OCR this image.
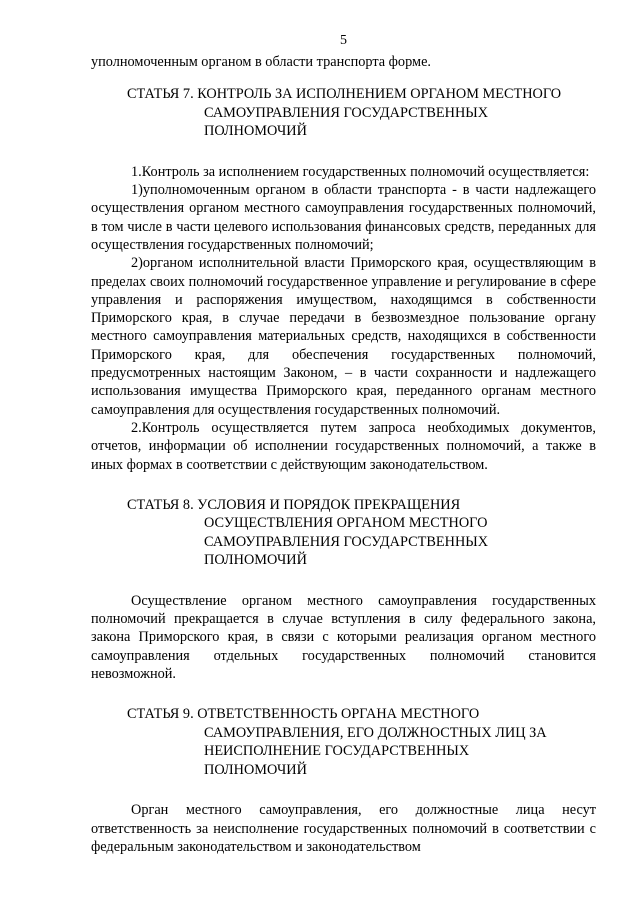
5

уполномоченным органом в области транспорта форме.

СТАТЬЯ 7. КОНТРОЛЬ ЗА ИСПОЛНЕНИЕМ ОРГАНОМ МЕСТНОГО
САМОУПРАВЛЕНИЯ ГОСУДАРСТВЕННЫХ
ПОЛНОМОЧИЙ

1.Контроль за исполнением государственных полномочий осуществляется:

1)уполномоченным органом в области транспорта - в части надлежащего осуществления органом местного самоуправления государственных полномочий, в том числе в части целевого использования финансовых средств, переданных для осуществления государственных полномочий;

2)органом исполнительной власти Приморского края, осуществляющим в пределах своих полномочий государственное управление и регулирование в сфере управления и распоряжения имуществом, находящимся в собственности Приморского края, в случае передачи в безвозмездное пользование органу местного самоуправления материальных средств, находящихся в собственности Приморского края, для обеспечения государственных полномочий, предусмотренных настоящим Законом, – в части сохранности и надлежащего использования имущества Приморского края, переданного органам местного самоуправления для осуществления государственных полномочий.

2.Контроль осуществляется путем запроса необходимых документов, отчетов, информации об исполнении государственных полномочий, а также в иных формах в соответствии с действующим законодательством.

СТАТЬЯ 8. УСЛОВИЯ И ПОРЯДОК ПРЕКРАЩЕНИЯ
ОСУЩЕСТВЛЕНИЯ ОРГАНОМ МЕСТНОГО
САМОУПРАВЛЕНИЯ ГОСУДАРСТВЕННЫХ
ПОЛНОМОЧИЙ

Осуществление органом местного самоуправления государственных полномочий прекращается в случае вступления в силу федерального закона, закона Приморского края, в связи с которыми реализация органом местного самоуправления отдельных государственных полномочий становится невозможной.

СТАТЬЯ 9. ОТВЕТСТВЕННОСТЬ ОРГАНА МЕСТНОГО
САМОУПРАВЛЕНИЯ, ЕГО ДОЛЖНОСТНЫХ ЛИЦ ЗА
НЕИСПОЛНЕНИЕ ГОСУДАРСТВЕННЫХ
ПОЛНОМОЧИЙ

Орган местного самоуправления, его должностные лица несут ответственность за неисполнение государственных полномочий в соответствии с федеральным законодательством и законодательством
